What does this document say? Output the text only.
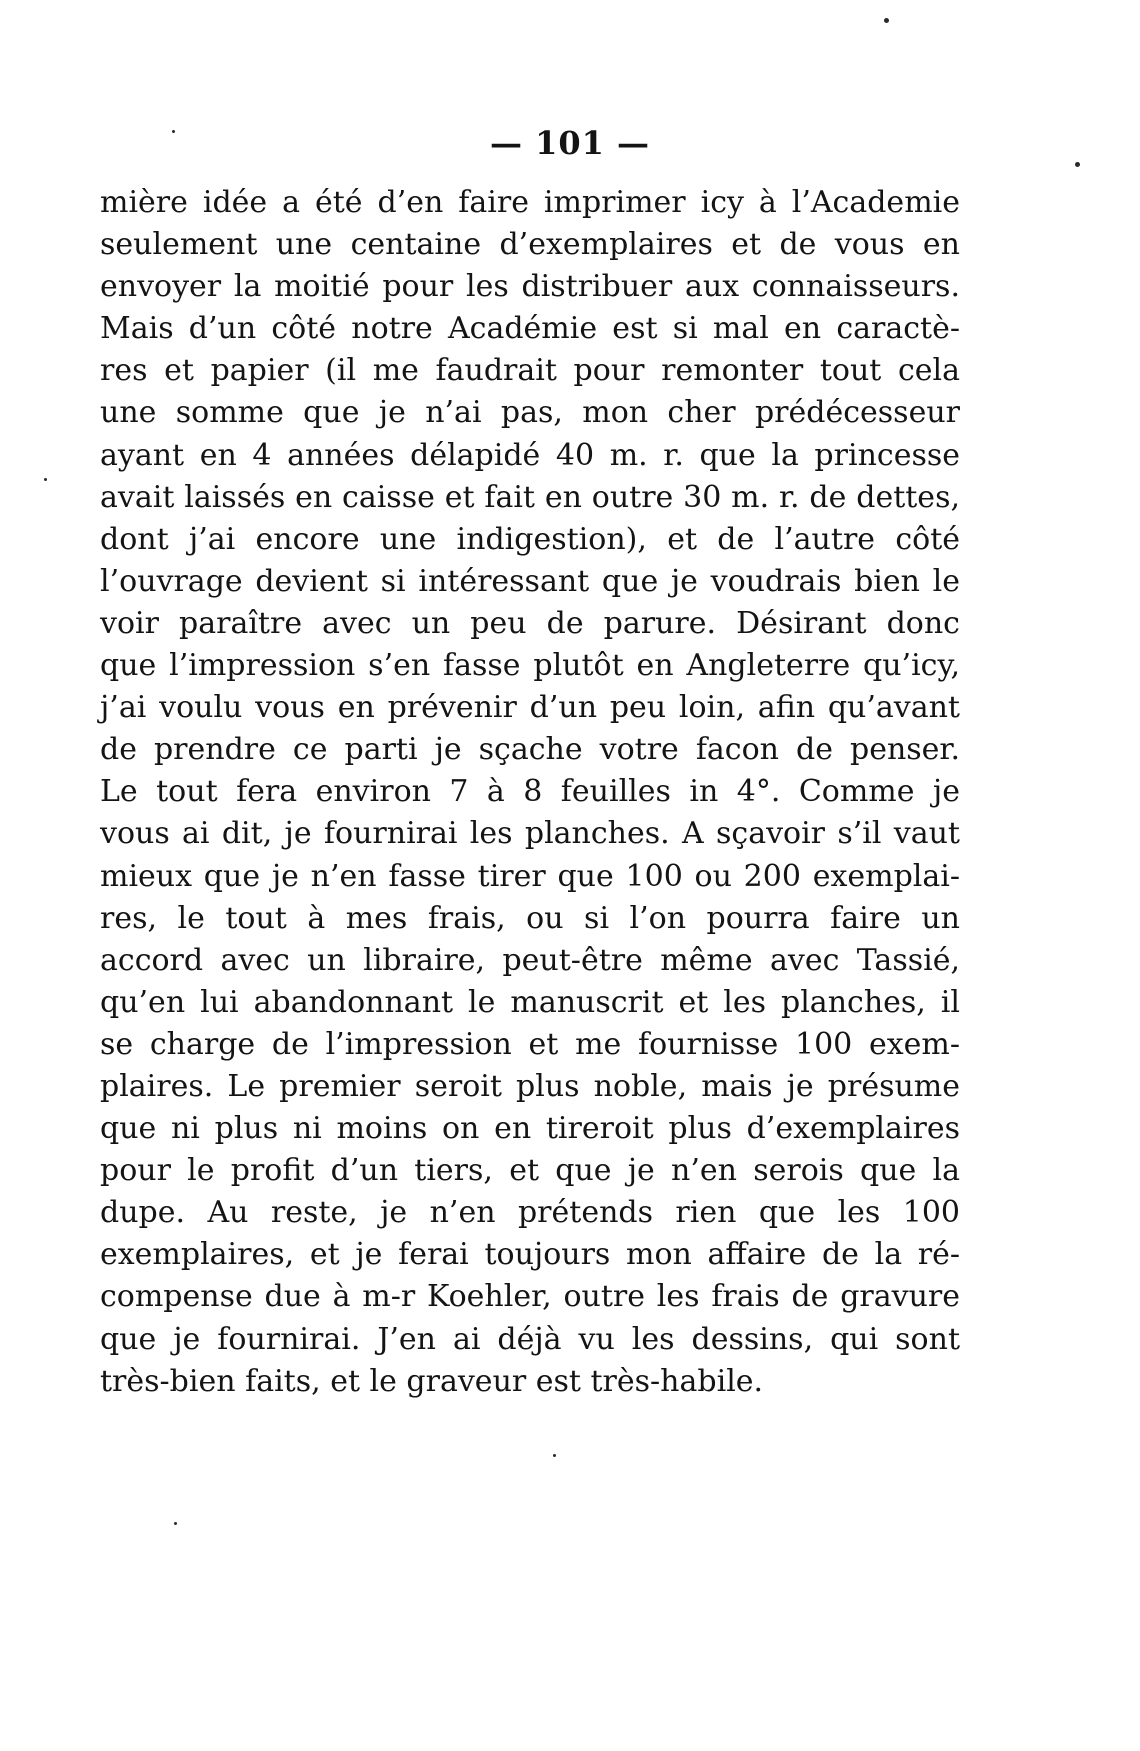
— 101 —
mière idée a été d’en faire imprimer icy à l’Academie
seulement une centaine d’exemplaires et de vous en
envoyer la moitié pour les distribuer aux connaisseurs.
Mais d’un côté notre Académie est si mal en caractè-
res et papier (il me faudrait pour remonter tout cela
une somme que je n’ai pas, mon cher prédécesseur
ayant en 4 années délapidé 40 m. r. que la princesse
avait laissés en caisse et fait en outre 30 m. r. de dettes,
dont j’ai encore une indigestion), et de l’autre côté
l’ouvrage devient si intéressant que je voudrais bien le
voir paraître avec un peu de parure. Désirant donc
que l’impression s’en fasse plutôt en Angleterre qu’icy,
j’ai voulu vous en prévenir d’un peu loin, afin qu’avant
de prendre ce parti je sçache votre facon de penser.
Le tout fera environ 7 à 8 feuilles in 4°. Comme je
vous ai dit, je fournirai les planches. A sçavoir s’il vaut
mieux que je n’en fasse tirer que 100 ou 200 exemplai-
res, le tout à mes frais, ou si l’on pourra faire un
accord avec un libraire, peut-être même avec Tassié,
qu’en lui abandonnant le manuscrit et les planches, il
se charge de l’impression et me fournisse 100 exem-
plaires. Le premier seroit plus noble, mais je présume
que ni plus ni moins on en tireroit plus d’exemplaires
pour le profit d’un tiers, et que je n’en serois que la
dupe. Au reste, je n’en prétends rien que les 100
exemplaires, et je ferai toujours mon affaire de la ré-
compense due à m-r Koehler, outre les frais de gravure
que je fournirai. J’en ai déjà vu les dessins, qui sont
très-bien faits, et le graveur est très-habile.
